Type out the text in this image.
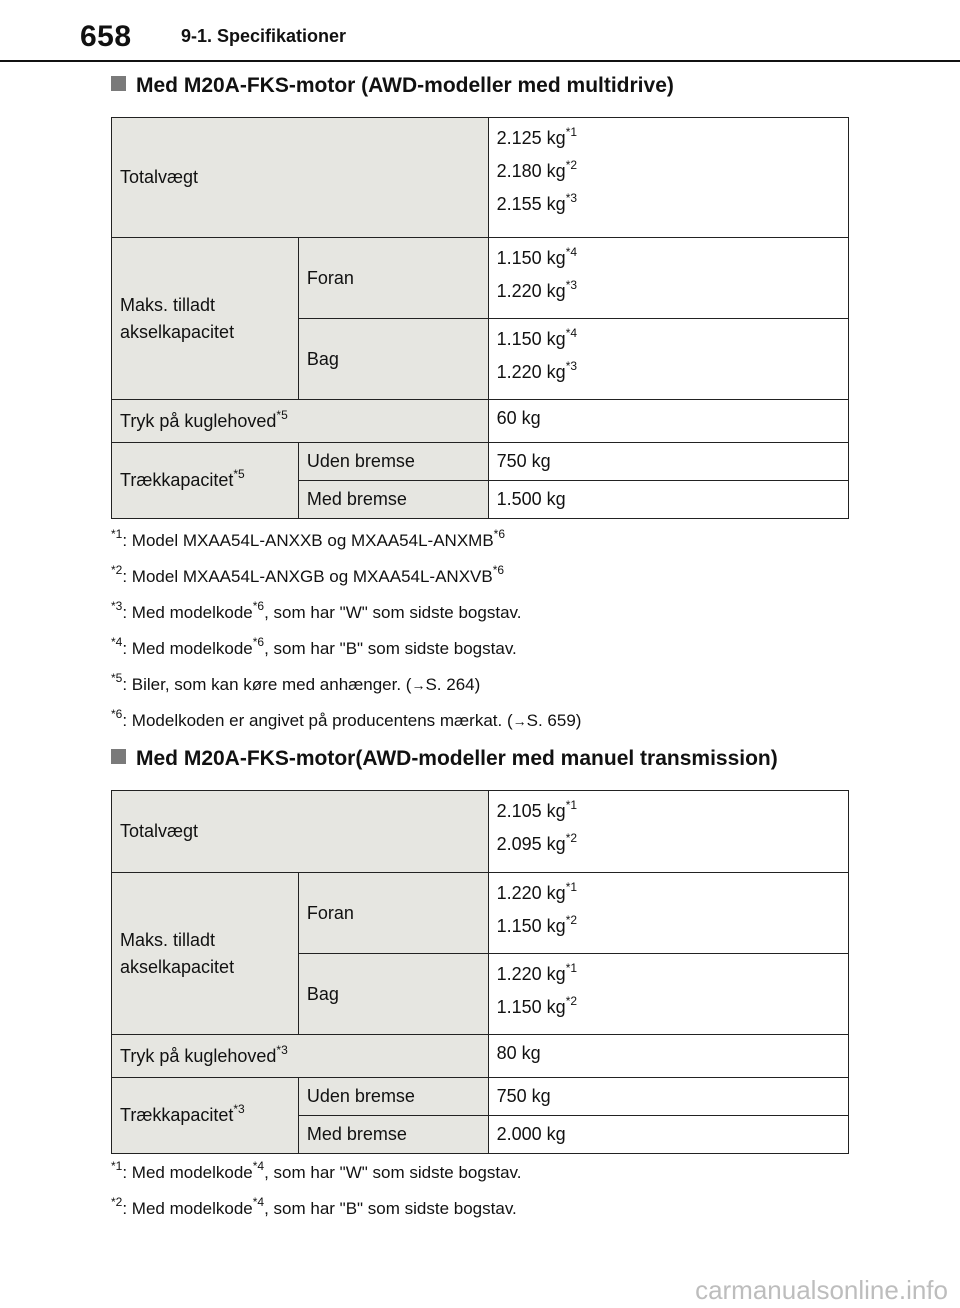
658	9-1. Specifikationer
Med M20A-FKS-motor (AWD-modeller med multidrive)
Totalvægt		2.125 $kg^{*1}$
2.180 $kg^{*2}$
2.155 $kg^{*3}$

Maks. tilladt akselkapacitet	Foran	1.150 $kg^{*4}$
1.220 $kg^{*3}$

	Bag	1.150 $kg^{*4}$
1.220 $kg^{*3}$

Tryk på kuglehoved$^{*5}$		60 kg

Trækkapacitet$^{*5}$	Uden bremse	750 kg
	Med bremse	1.500 kg
$^{*1}$: Model MXAA54L-ANXXB og MXAA54L-ANXMB$^{*6}$
$^{*2}$: Model MXAA54L-ANXGB og MXAA54L-ANXVB$^{*6}$
$^{*3}$: Med modelkode$^{*6}$, som har "W" som sidste bogstav.
$^{*4}$: Med modelkode$^{*6}$, som har "B" som sidste bogstav.
$^{*5}$: Biler, som kan køre med anhænger. (→S. 264)
$^{*6}$: Modelkoden er angivet på producentens mærkat. (→S. 659)
Med M20A-FKS-motor(AWD-modeller med manuel transmission)
Totalvægt		2.105 $kg^{*1}$
2.095 $kg^{*2}$

Maks. tilladt akselkapacitet	Foran	1.220 $kg^{*1}$
1.150 $kg^{*2}$

	Bag	1.220 $kg^{*1}$
1.150 $kg^{*2}$

Tryk på kuglehoved$^{*3}$		80 kg

Trækkapacitet$^{*3}$	Uden bremse	750 kg
	Med bremse	2.000 kg
$^{*1}$: Med modelkode$^{*4}$, som har "W" som sidste bogstav.
$^{*2}$: Med modelkode$^{*4}$, som har "B" som sidste bogstav.
carmanualsonline.info
